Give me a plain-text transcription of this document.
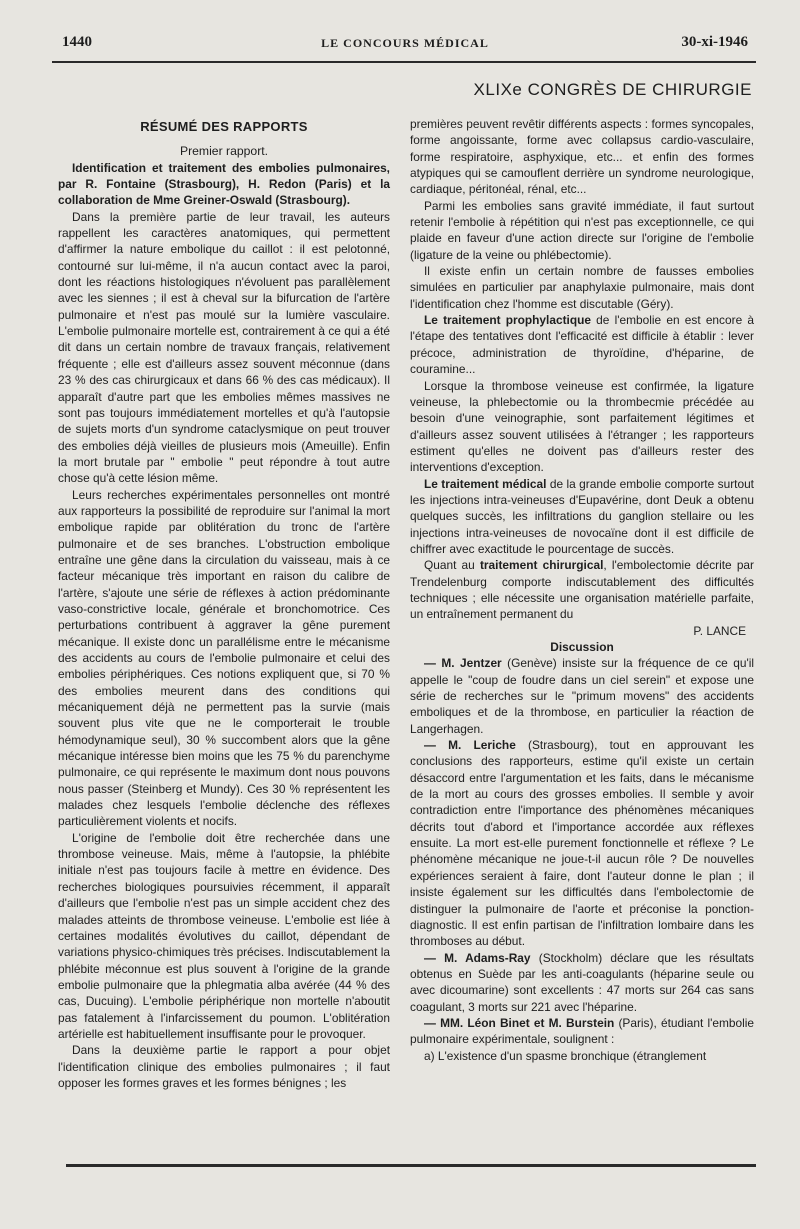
1440	LE CONCOURS MÉDICAL	30-xi-1946
XLIXe CONGRÈS DE CHIRURGIE
RÉSUMÉ DES RAPPORTS

Premier rapport.

Identification et traitement des embolies pulmonaires, par R. Fontaine (Strasbourg), H. Redon (Paris) et la collaboration de Mme Greiner-Oswald (Strasbourg).

Dans la première partie de leur travail, les auteurs rappellent les caractères anatomiques, qui permettent d'affirmer la nature embolique du caillot : il est pelotonné, contourné sur lui-même, il n'a aucun contact avec la paroi, dont les réactions histologiques n'évoluent pas parallèlement avec les siennes ; il est à cheval sur la bifurcation de l'artère pulmonaire et n'est pas moulé sur la lumière vasculaire. L'embolie pulmonaire mortelle est, contrairement à ce qui a été dit dans un certain nombre de travaux français, relativement fréquente ; elle est d'ailleurs assez souvent méconnue (dans 23 % des cas chirurgicaux et dans 66 % des cas médicaux). Il apparaît d'autre part que les embolies mêmes massives ne sont pas toujours immédiatement mortelles et qu'à l'autopsie de sujets morts d'un syndrome cataclysmique on peut trouver des embolies déjà vieilles de plusieurs mois (Ameuille). Enfin la mort brutale par " embolie " peut répondre à tout autre chose qu'à cette lésion même.

Leurs recherches expérimentales personnelles ont montré aux rapporteurs la possibilité de reproduire sur l'animal la mort embolique rapide par oblitération du tronc de l'artère pulmonaire et de ses branches. L'obstruction embolique entraîne une gêne dans la circulation du vaisseau, mais à ce facteur mécanique très important en raison du calibre de l'artère, s'ajoute une série de réflexes à action prédominante vaso-constrictive locale, générale et bronchomotrice. Ces perturbations contribuent à aggraver la gêne purement mécanique. Il existe donc un parallélisme entre le mécanisme des accidents au cours de l'embolie pulmonaire et celui des embolies périphériques. Ces notions expliquent que, si 70 % des embolies meurent dans des conditions qui mécaniquement déjà ne permettent pas la survie (mais souvent plus vite que ne le comporterait le trouble hémodynamique seul), 30 % succombent alors que la gêne mécanique intéresse bien moins que les 75 % du parenchyme pulmonaire, ce qui représente le maximum dont nous pouvons nous passer (Steinberg et Mundy). Ces 30 % représentent les malades chez lesquels l'embolie déclenche des réflexes particulièrement violents et nocifs.

L'origine de l'embolie doit être recherchée dans une thrombose veineuse. Mais, même à l'autopsie, la phlébite initiale n'est pas toujours facile à mettre en évidence. Des recherches biologiques poursuivies récemment, il apparaît d'ailleurs que l'embolie n'est pas un simple accident chez des malades atteints de thrombose veineuse. L'embolie est liée à certaines modalités évolutives du caillot, dépendant de variations physico-chimiques très précises. Indiscutablement la phlébite méconnue est plus souvent à l'origine de la grande embolie pulmonaire que la phlegmatia alba avérée (44 % des cas, Ducuing). L'embolie périphérique non mortelle n'aboutit pas fatalement à l'infarcissement du poumon. L'oblitération artérielle est habituellement insuffisante pour le provoquer.

Dans la deuxième partie le rapport a pour objet l'identification clinique des embolies pulmonaires ; il faut opposer les formes graves et les formes bénignes ; les

premières peuvent revêtir différents aspects : formes syncopales, forme angoissante, forme avec collapsus cardio-vasculaire, forme respiratoire, asphyxique, etc... et enfin des formes atypiques qui se camouflent derrière un syndrome neurologique, cardiaque, péritonéal, rénal, etc...

Parmi les embolies sans gravité immédiate, il faut surtout retenir l'embolie à répétition qui n'est pas exceptionnelle, ce qui plaide en faveur d'une action directe sur l'origine de l'embolie (ligature de la veine ou phlébectomie).

Il existe enfin un certain nombre de fausses embolies simulées en particulier par anaphylaxie pulmonaire, mais dont l'identification chez l'homme est discutable (Géry).

Le traitement prophylactique de l'embolie en est encore à l'étape des tentatives dont l'efficacité est difficile à établir : lever précoce, administration de thyroïdine, d'héparine, de couramine...

Lorsque la thrombose veineuse est confirmée, la ligature veineuse, la phlebectomie ou la thrombecmie précédée au besoin d'une veinographie, sont parfaitement légitimes et d'ailleurs assez souvent utilisées à l'étranger ; les rapporteurs estiment qu'elles ne doivent pas d'ailleurs rester des interventions d'exception.

Le traitement médical de la grande embolie comporte surtout les injections intra-veineuses d'Eupavérine, dont Deuk a obtenu quelques succès, les infiltrations du ganglion stellaire ou les injections intra-veineuses de novocaïne dont il est difficile de chiffrer avec exactitude le pourcentage de succès.

Quant au traitement chirurgical, l'embolectomie décrite par Trendelenburg comporte indiscutablement des difficultés techniques ; elle nécessite une organisation matérielle parfaite, un entraînement permanent du

P. LANCE

Discussion

— M. Jentzer (Genève) insiste sur la fréquence de ce qu'il appelle le "coup de foudre dans un ciel serein" et expose une série de recherches sur le "primum movens" des accidents emboliques et de la thrombose, en particulier la réaction de Langerhagen.

— M. Leriche (Strasbourg), tout en approuvant les conclusions des rapporteurs, estime qu'il existe un certain désaccord entre l'argumentation et les faits, dans le mécanisme de la mort au cours des grosses embolies. Il semble y avoir contradiction entre l'importance des phénomènes mécaniques décrits tout d'abord et l'importance accordée aux réflexes ensuite. La mort est-elle purement fonctionnelle et réflexe ? Le phénomène mécanique ne joue-t-il aucun rôle ? De nouvelles expériences seraient à faire, dont l'auteur donne le plan ; il insiste également sur les difficultés dans l'embolectomie de distinguer la pulmonaire de l'aorte et préconise la ponction-diagnostic. Il est enfin partisan de l'infiltration lombaire dans les thromboses au début.

— M. Adams-Ray (Stockholm) déclare que les résultats obtenus en Suède par les anti-coagulants (héparine seule ou avec dicoumarine) sont excellents : 47 morts sur 264 cas sans coagulant, 3 morts sur 221 avec l'héparine.

— MM. Léon Binet et M. Burstein (Paris), étudiant l'embolie pulmonaire expérimentale, soulignent :

a) L'existence d'un spasme bronchique (étranglement
